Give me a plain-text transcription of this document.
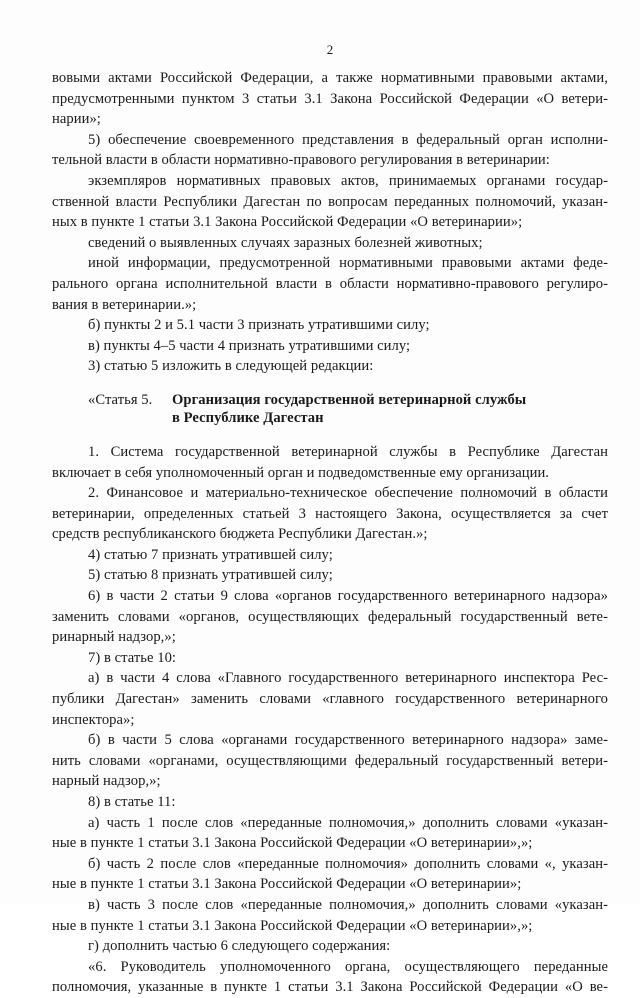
2
вовыми актами Российской Федерации, а также нормативными правовыми актами,
предусмотренными пунктом 3 статьи 3.1 Закона Российской Федерации «О ветери-
нарии»;
5) обеспечение своевременного представления в федеральный орган исполни-
тельной власти в области нормативно-правового регулирования в ветеринарии:
экземпляров нормативных правовых актов, принимаемых органами государ-
ственной власти Республики Дагестан по вопросам переданных полномочий, указан-
ных в пункте 1 статьи 3.1 Закона Российской Федерации «О ветеринарии»;
сведений о выявленных случаях заразных болезней животных;
иной информации, предусмотренной нормативными правовыми актами феде-
рального органа исполнительной власти в области нормативно-правового регулиро-
вания в ветеринарии.»;
б) пункты 2 и 5.1 части 3 признать утратившими силу;
в) пункты 4–5 части 4 признать утратившими силу;
3) статью 5 изложить в следующей редакции:
«Статья 5. Организация государственной ветеринарной службы
в Республике Дагестан
1. Система государственной ветеринарной службы в Республике Дагестан
включает в себя уполномоченный орган и подведомственные ему организации.
2. Финансовое и материально-техническое обеспечение полномочий в области
ветеринарии, определенных статьей 3 настоящего Закона, осуществляется за счет
средств республиканского бюджета Республики Дагестан.»;
4) статью 7 признать утратившей силу;
5) статью 8 признать утратившей силу;
6) в части 2 статьи 9 слова «органов государственного ветеринарного надзора»
заменить словами «органов, осуществляющих федеральный государственный вете-
ринарный надзор,»;
7) в статье 10:
а) в части 4 слова «Главного государственного ветеринарного инспектора Рес-
публики Дагестан» заменить словами «главного государственного ветеринарного
инспектора»;
б) в части 5 слова «органами государственного ветеринарного надзора» заме-
нить словами «органами, осуществляющими федеральный государственный ветери-
нарный надзор,»;
8) в статье 11:
а) часть 1 после слов «переданные полномочия,» дополнить словами «указан-
ные в пункте 1 статьи 3.1 Закона Российской Федерации «О ветеринарии»,»;
б) часть 2 после слов «переданные полномочия» дополнить словами «, указан-
ные в пункте 1 статьи 3.1 Закона Российской Федерации «О ветеринарии»;
в) часть 3 после слов «переданные полномочия,» дополнить словами «указан-
ные в пункте 1 статьи 3.1 Закона Российской Федерации «О ветеринарии»,»;
г) дополнить частью 6 следующего содержания:
«6. Руководитель уполномоченного органа, осуществляющего переданные
полномочия, указанные в пункте 1 статьи 3.1 Закона Российской Федерации «О ве-
